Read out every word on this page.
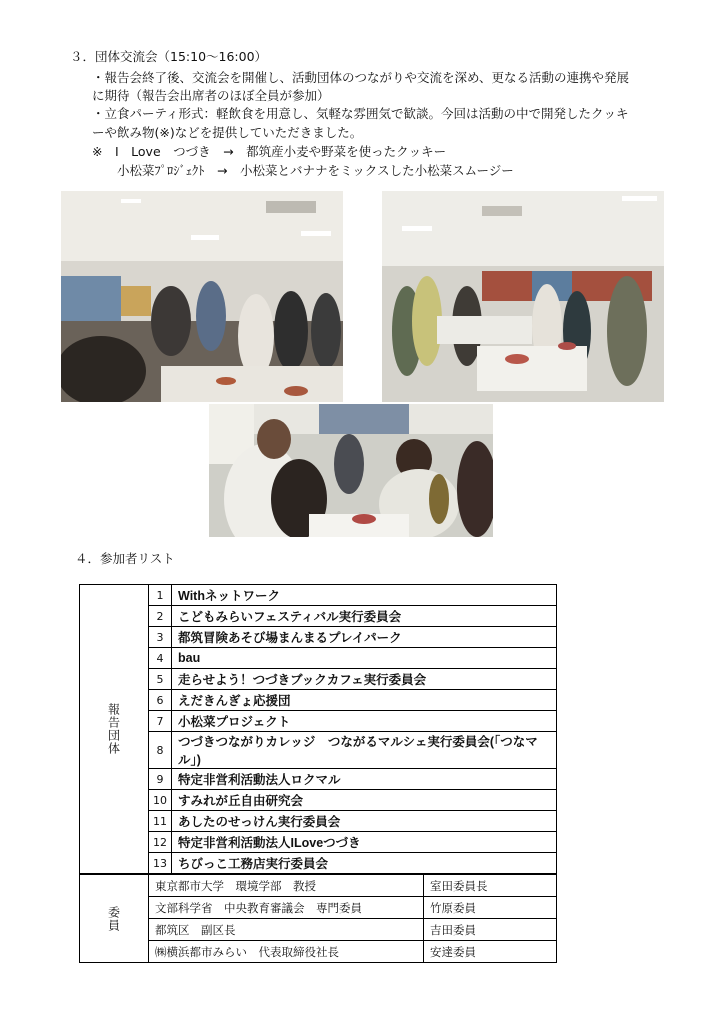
３．団体交流会（15:10～16:00）
・報告会終了後、交流会を開催し、活動団体のつながりや交流を深め、更なる活動の連携や発展
に期待（報告会出席者のほぼ全員が参加）
・立食パーティ形式：軽飲食を用意し、気軽な雰囲気で歓談。今回は活動の中で開発したクッキ
ーや飲み物(※)などを提供していただきました。
※　I　Love　つづき　→　都筑産小麦や野菜を使ったクッキー
小松菜ﾌﾟﾛｼﾞｪｸﾄ　→　小松菜とバナナをミックスした小松菜スムージー
４．参加者リスト
報告団体	1	Withネットワーク	
	2	こどもみらいフェスティバル実行委員会	
	3	都筑冒険あそび場まんまるプレイパーク	
	4	bau	
	5	走らせよう！つづきブックカフェ実行委員会	
	6	えだきんぎょ応援団	
	7	小松菜プロジェクト	
	8	つづきつながりカレッジ　つながるマルシェ実行委員会(「つなマル」)	
	9	特定非営利活動法人ロクマル	
	10	すみれが丘自由研究会	
	11	あしたのせっけん実行委員会	
	12	特定非営利活動法人ILoveつづき	
	13	ちびっこ工務店実行委員会	
委員	東京都市大学　環境学部　教授		室田委員長
	文部科学省　中央教育審議会　専門委員		竹原委員
	都筑区　副区長		吉田委員
	㈱横浜都市みらい　代表取締役社長		安達委員
